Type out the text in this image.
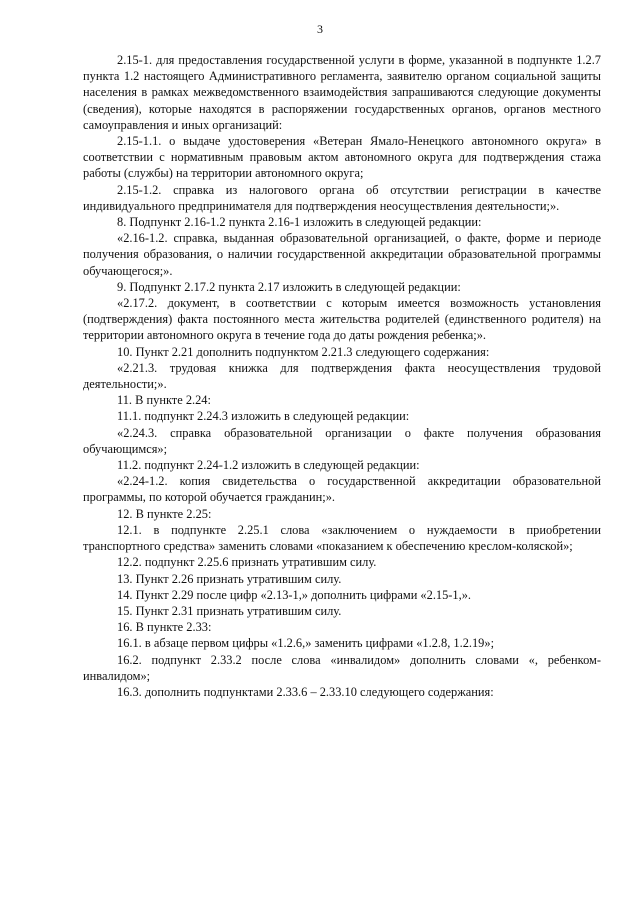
3

2.15-1. для предоставления государственной услуги в форме, указанной в подпункте 1.2.7 пункта 1.2 настоящего Административного регламента, заявителю органом социальной защиты населения в рамках межведомственного взаимодействия запрашиваются следующие документы (сведения), которые находятся в распоряжении государственных органов, органов местного самоуправления и иных организаций:

2.15-1.1. о выдаче удостоверения «Ветеран Ямало-Ненецкого автономного округа» в соответствии с нормативным правовым актом автономного округа для подтверждения стажа работы (службы) на территории автономного округа;

2.15-1.2. справка из налогового органа об отсутствии регистрации в качестве индивидуального предпринимателя для подтверждения неосуществления деятельности;».

8. Подпункт 2.16-1.2 пункта 2.16-1 изложить в следующей редакции:

«2.16-1.2. справка, выданная образовательной организацией, о факте, форме и периоде получения образования, о наличии государственной аккредитации образовательной программы обучающегося;».

9. Подпункт 2.17.2 пункта 2.17 изложить в следующей редакции:

«2.17.2. документ, в соответствии с которым имеется возможность установления (подтверждения) факта постоянного места жительства родителей (единственного родителя) на территории автономного округа в течение года до даты рождения ребенка;».

10. Пункт 2.21 дополнить подпунктом 2.21.3 следующего содержания:

«2.21.3. трудовая книжка для подтверждения факта неосуществления трудовой деятельности;».

11. В пункте 2.24:

11.1. подпункт 2.24.3 изложить в следующей редакции:

«2.24.3. справка образовательной организации о факте получения образования обучающимся»;

11.2. подпункт 2.24-1.2 изложить в следующей редакции:

«2.24-1.2. копия свидетельства о государственной аккредитации образовательной программы, по которой обучается гражданин;».

12. В пункте 2.25:

12.1. в подпункте 2.25.1 слова «заключением о нуждаемости в приобретении транспортного средства» заменить словами «показанием к обеспечению креслом-коляской»;

12.2. подпункт 2.25.6 признать утратившим силу.

13. Пункт 2.26 признать утратившим силу.

14. Пункт 2.29 после цифр «2.13-1,» дополнить цифрами «2.15-1,».

15. Пункт 2.31 признать утратившим силу.

16. В пункте 2.33:

16.1. в абзаце первом цифры «1.2.6,» заменить цифрами «1.2.8, 1.2.19»;

16.2. подпункт 2.33.2 после слова «инвалидом» дополнить словами «, ребенком-инвалидом»;

16.3. дополнить подпунктами 2.33.6 – 2.33.10 следующего содержания:
